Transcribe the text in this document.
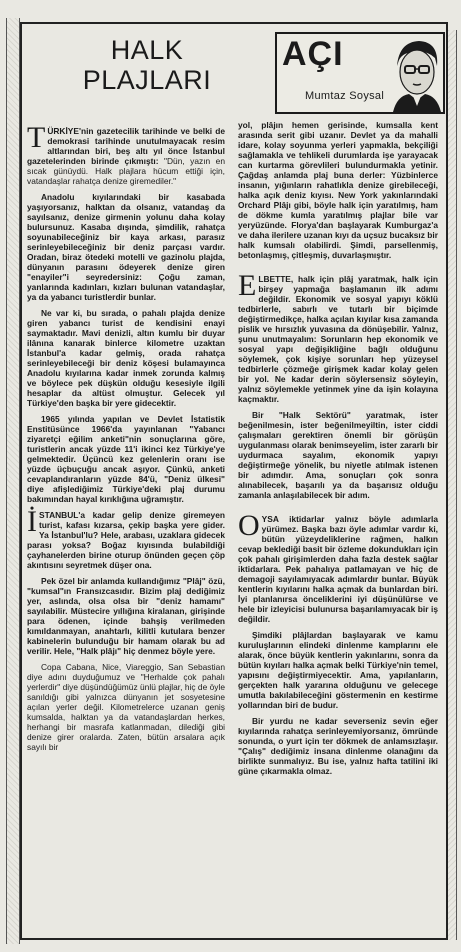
HALK
PLAJLARI
AÇI
Mumtaz Soysal

TÜRKİYE'nin gazetecilik tarihinde ve belki de demokrasi tarihinde unutulmayacak resim altlarından biri, beş altı yıl önce İstanbul gazetelerinden birinde çıkmıştı: "Dün, yazın en sıcak günüydü. Halk plajlara hücum ettiği için, vatandaşlar rahatça denize giremediler."

Anadolu kıyılarındaki bir kasabada yaşıyorsanız, halktan da olsanız, vatandaş da sayılsanız, denize girmenin yolunu daha kolay bulursunuz. Kasaba dışında, şimdilik, rahatça soyunabileceğiniz bir kaya arkası, parasız serinleyebileceğiniz bir deniz parçası vardır. Oradan, biraz ötedeki motelli ve gazinolu plajda, dünyanın parasını ödeyerek denize giren "enayiler"i seyredersiniz: Çoğu zaman, yanlarında kadınları, kızları bulunan vatandaşlar, ya da yabancı turistlerdir bunlar.

Ne var ki, bu sırada, o pahalı plajda denize giren yabancı turist de kendisini enayi saymaktadır. Mavi denizli, altın kumlu bir duyar ilânına kanarak binlerce kilometre uzaktan İstanbul'a kadar gelmiş, orada rahatça serinleyebileceği bir deniz köşesi bulamayınca Anadolu kıyılarına kadar inmek zorunda kalmış ve böylece pek düşkün olduğu kesesiyle ilgili hesaplar da altüst olmuştur. Gelecek yıl Türkiye'den başka bir yere gidecektir.

1965 yılında yapılan ve Devlet İstatistik Enstitüsünce 1966'da yayınlanan "Yabancı ziyaretçi eğilim anketi"nin sonuçlarına göre, turistlerin ancak yüzde 11'i ikinci kez Türkiye'ye gelmektedir. Üçüncü kez gelenlerin oranı ise yüzde üçbuçuğu ancak aşıyor. Çünkü, anketi cevaplandıranların yüzde 84'ü, "Deniz ülkesi" diye afişlediğimiz Türkiye'deki plaj durumu bakımından hayal kırıklığına uğramıştır.

İSTANBUL'a kadar gelip denize giremeyen turist, kafası kızarsa, çekip başka yere gider. Ya İstanbul'lu? Hele, arabası, uzaklara gidecek parası yoksa? Boğaz kıyısında bulabildiği çayhanelerden birine oturup önünden geçen çöp akıntısını seyretmek düşer ona.

Pek özel bir anlamda kullandığımız "Plâj" özü, "kumsal"ın Fransızcasıdır. Bizim plaj dediğimiz yer, aslında, olsa olsa bir "deniz hamamı" sayılabilir. Müstecire yıllığına kiralanan, girişinde para ödenen, içinde bahşiş verilmeden kımıldanmayan, anahtarlı, kilitli kutulara benzer kabinelerin bulunduğu bir hamam olarak bu ad verilir. Hele, "Halk plâjı" hiç denmez böyle yere.

Copa Cabana, Nice, Viareggio, San Sebastian diye adını duyduğumuz ve "Herhalde çok pahalı yerlerdir" diye düşündüğümüz ünlü plajlar, hiç de öyle sanıldığı gibi yalnızca dünyanın jet sosyetesine açılan yerler değil. Kilometrelerce uzanan geniş kumsalda, halktan ya da vatandaşlardan herkes, herhangi bir masrafa katlanmadan, dilediği gibi denize girer oralarda. Zaten, bütün arsalara açık sayılı bir

yol, plâjın hemen gerisinde, kumsalla kent arasında serit gibi uzanır. Devlet ya da mahalli idare, kolay soyunma yerleri yapmakla, bekçiliği sağlamakla ve tehlikeli durumlarda işe yarayacak can kurtarma görevlileri bulundurmakla yetinir. Çağdaş anlamda plaj buna derler: Yüzbinlerce insanın, yığınların rahatlıkla denize girebileceği, halka açık deniz kıyısı. New York yakınlarındaki Orchard Plâjı gibi, böyle halk için yaratılmış, ham de dökme kumla yaratılmış plajlar bile var yeryüzünde. Florya'dan başlayarak Kumburgaz'a ve daha ilerilere uzanan kıyı da uçsuz bucaksız bir halk kumsalı olabilirdi. Şimdi, parsellenmiş, betonlaşmış, çitleşmiş, duvarlaşmıştır.

ELBETTE, halk için plâj yaratmak, halk için birşey yapmağa başlamanın ilk adımı değildir. Ekonomik ve sosyal yapıyı köklü tedbirlerle, sabırlı ve tutarlı bir biçimde değiştirmedikçe, halka açılan kıyılar kısa zamanda pislik ve hırsızlık yuvasına da dönüşebilir. Yalnız, şunu unutmayalım: Sorunların hep ekonomik ve sosyal yapı değişikliğine bağlı olduğunu söylemek, çok kişiye sorunları hep yüzeysel tedbirlerle çözmeğe girişmek kadar kolay gelen bir yol. Ne kadar derin söylersensiz söyleyin, yalnız söylemekle yetinmek yine da işin kolayına kaçmaktır.

Bir "Halk Sektörü" yaratmak, ister beğenilmesin, ister beğenilmeyiltin, ister ciddi çalışmaları gerektiren önemli bir görüşün uygulanması olarak benimseyelim, ister zararlı bir uydurmaca sayalım, ekonomik yapıyı değiştirmeğe yönelik, bu niyetle atılmak istenen bir adımdır. Ama, sonuçları çok sonra alınabilecek, başarılı ya da başarısız olduğu zamanla anlaşılabilecek bir adım.

OYSA iktidarlar yalnız böyle adımlarla yürümez. Başka bazı öyle adımlar vardır ki, bütün yüzeydeliklerine rağmen, halkın cevap beklediği basit bir özleme dokundukları için çok pahalı girişimlerden daha fazla destek sağlar iktidarlara. Pek pahalıya patlamayan ve hiç de demagoji sayılamıyacak adımlardır bunlar. Büyük kentlerin kıyılarını halka açmak da bunlardan biri. İyi planlanırsa önceliklerini iyi düşünülürse ve hele bir izleyicisi bulunursa başarılamıyacak bir iş değildir.

Şimdiki plâjlardan başlayarak ve kamu kuruluşlarının elindeki dinlenme kamplarını ele alarak, önce büyük kentlerin yakınlarını, sonra da bütün kıyıları halka açmak belki Türkiye'nin temel, yapısını değiştirmiyecektir. Ama, yapılanların, gerçekten halk yararına olduğunu ve gelecege umutla bakılabileceğini göstermenin en kestirme yollarından biri de budur.

Bir yurdu ne kadar severseniz sevin eğer kıyılarında rahatça serinleyemiyorsanız, ömründe sonunda, o yurt için ter dökmek de anlamsızlaşır. "Çalış" dediğimiz insana dinlenme olanağını da birlikte sunmalıyız. Bu ise, yalnız hafta tatilini iki güne çıkarmakla olmaz.
